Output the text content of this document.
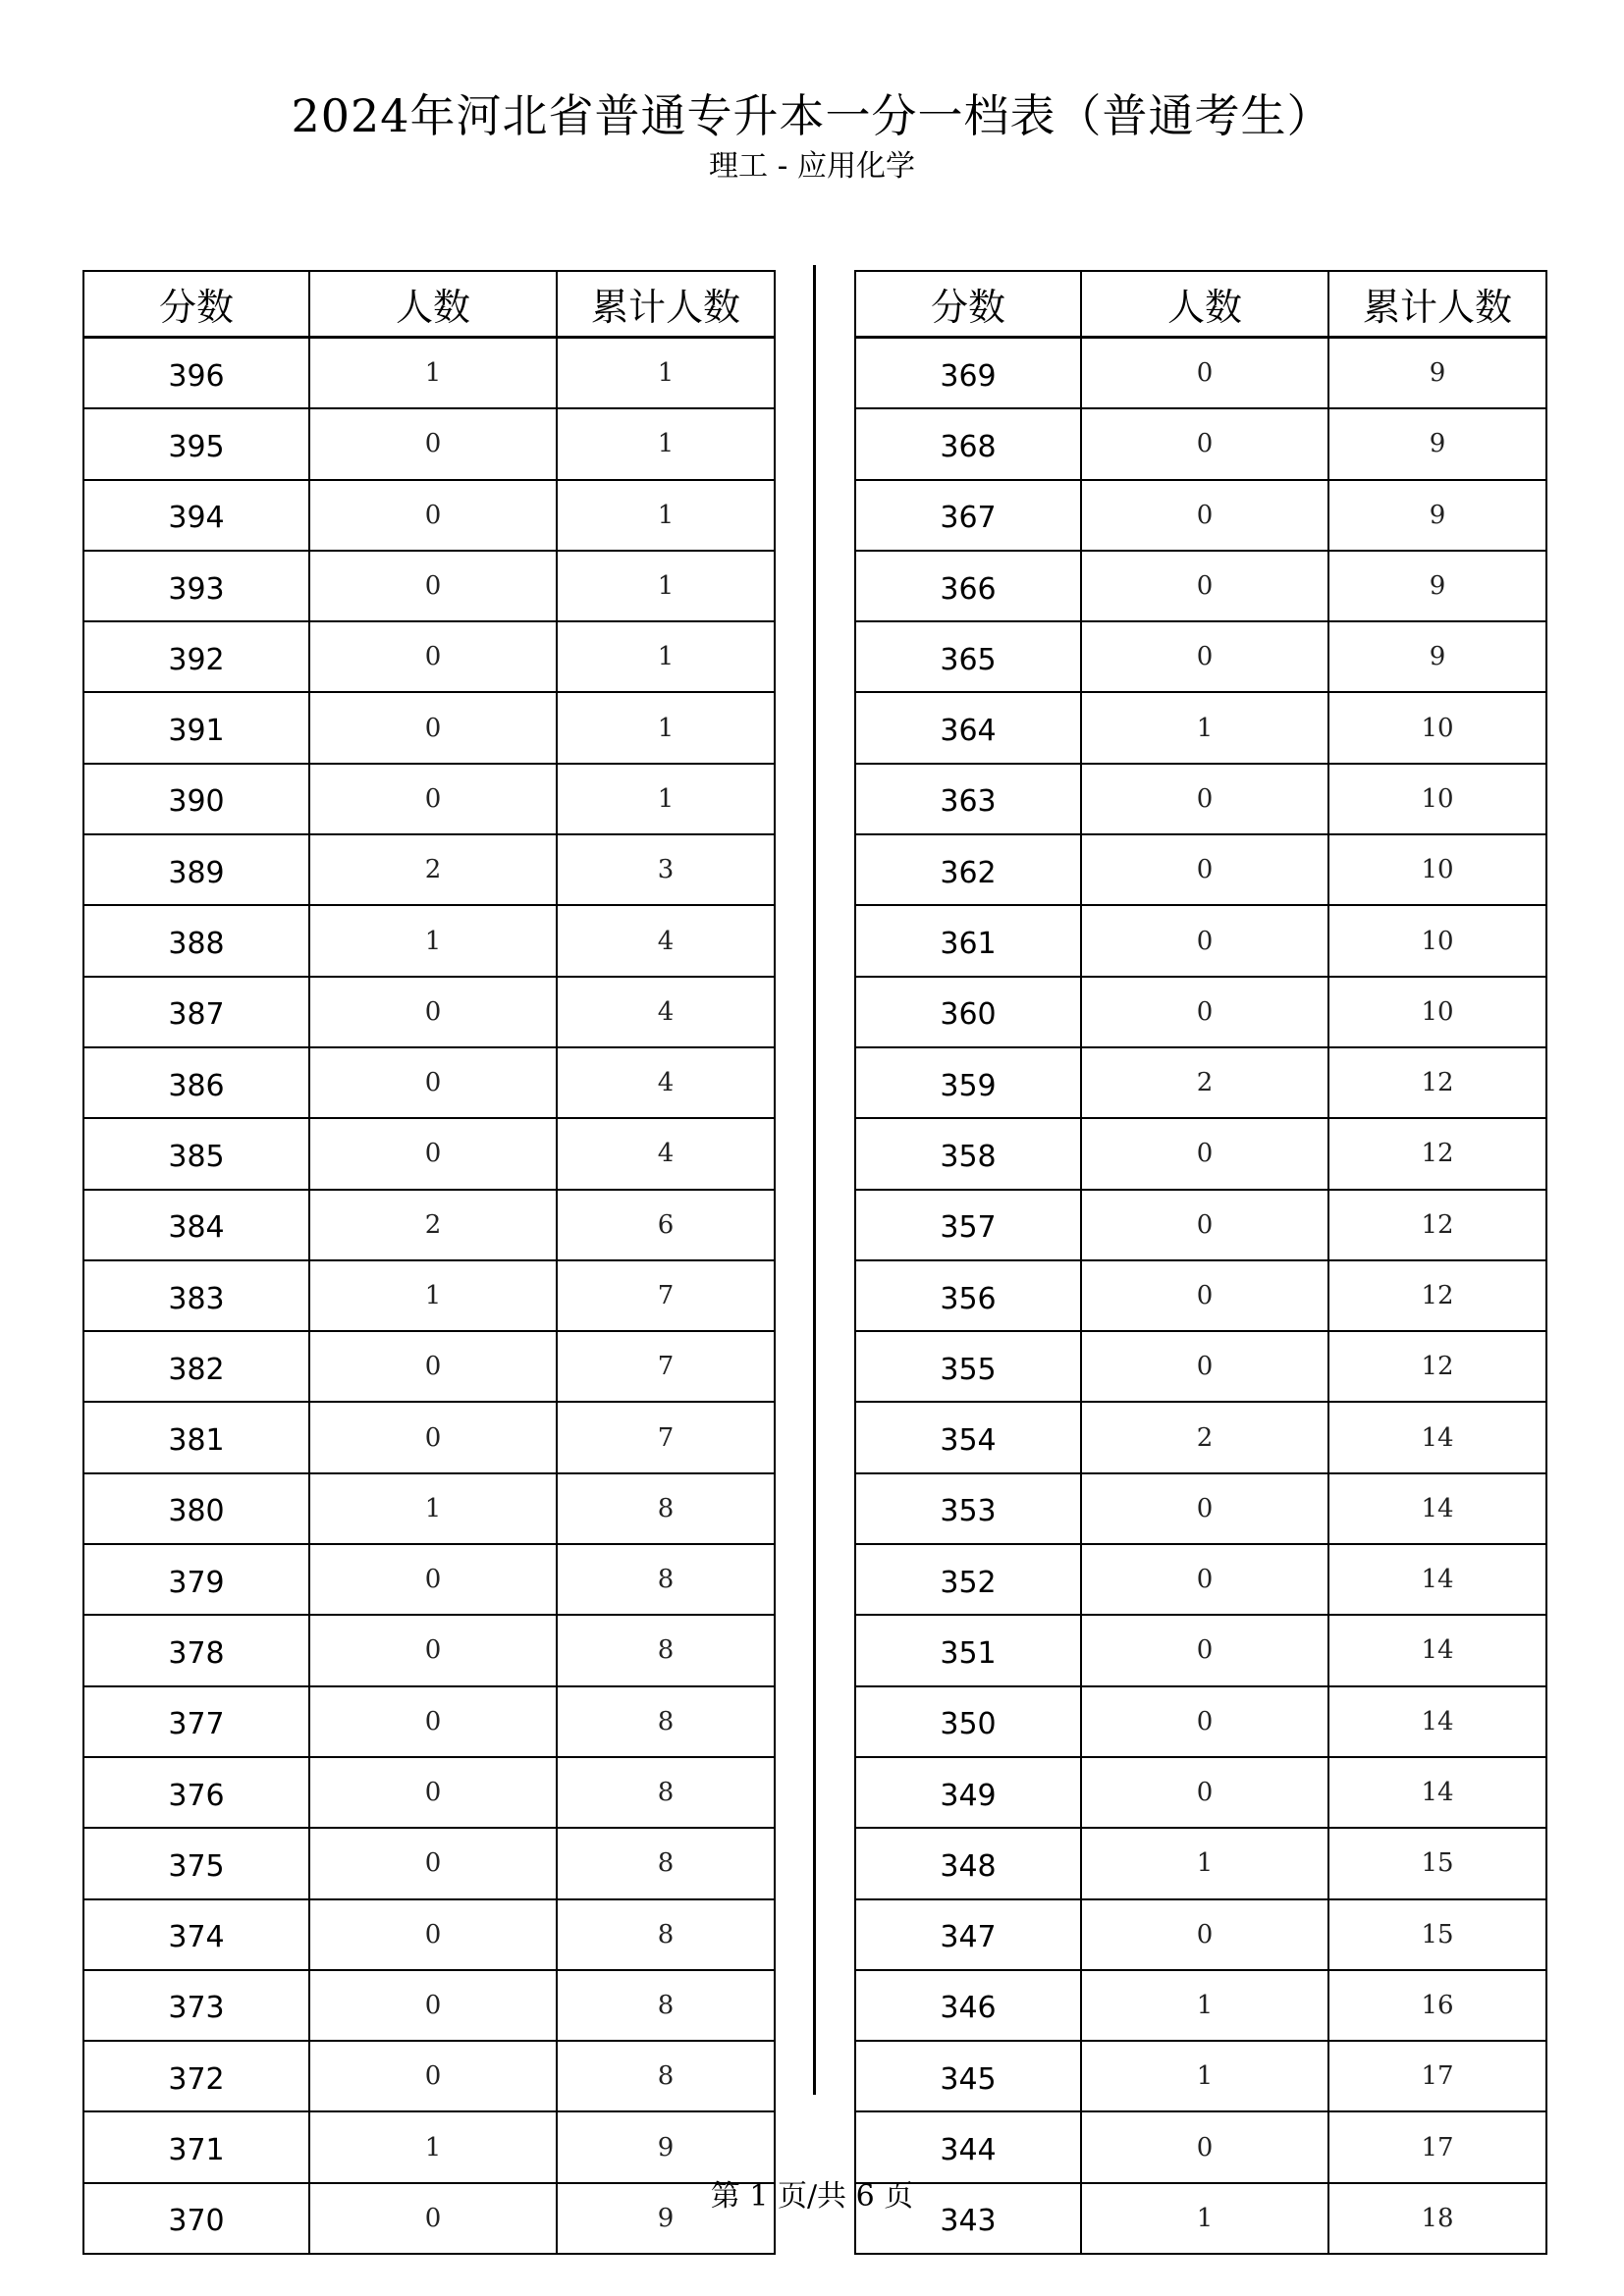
2024年河北省普通专升本一分一档表（普通考生）
理工 - 应用化学
分数	人数	累计人数
396	1	1
395	0	1
394	0	1
393	0	1
392	0	1
391	0	1
390	0	1
389	2	3
388	1	4
387	0	4
386	0	4
385	0	4
384	2	6
383	1	7
382	0	7
381	0	7
380	1	8
379	0	8
378	0	8
377	0	8
376	0	8
375	0	8
374	0	8
373	0	8
372	0	8
371	1	9
370	0	9
分数	人数	累计人数
369	0	9
368	0	9
367	0	9
366	0	9
365	0	9
364	1	10
363	0	10
362	0	10
361	0	10
360	0	10
359	2	12
358	0	12
357	0	12
356	0	12
355	0	12
354	2	14
353	0	14
352	0	14
351	0	14
350	0	14
349	0	14
348	1	15
347	0	15
346	1	16
345	1	17
344	0	17
343	1	18
第 1 页/共 6 页
